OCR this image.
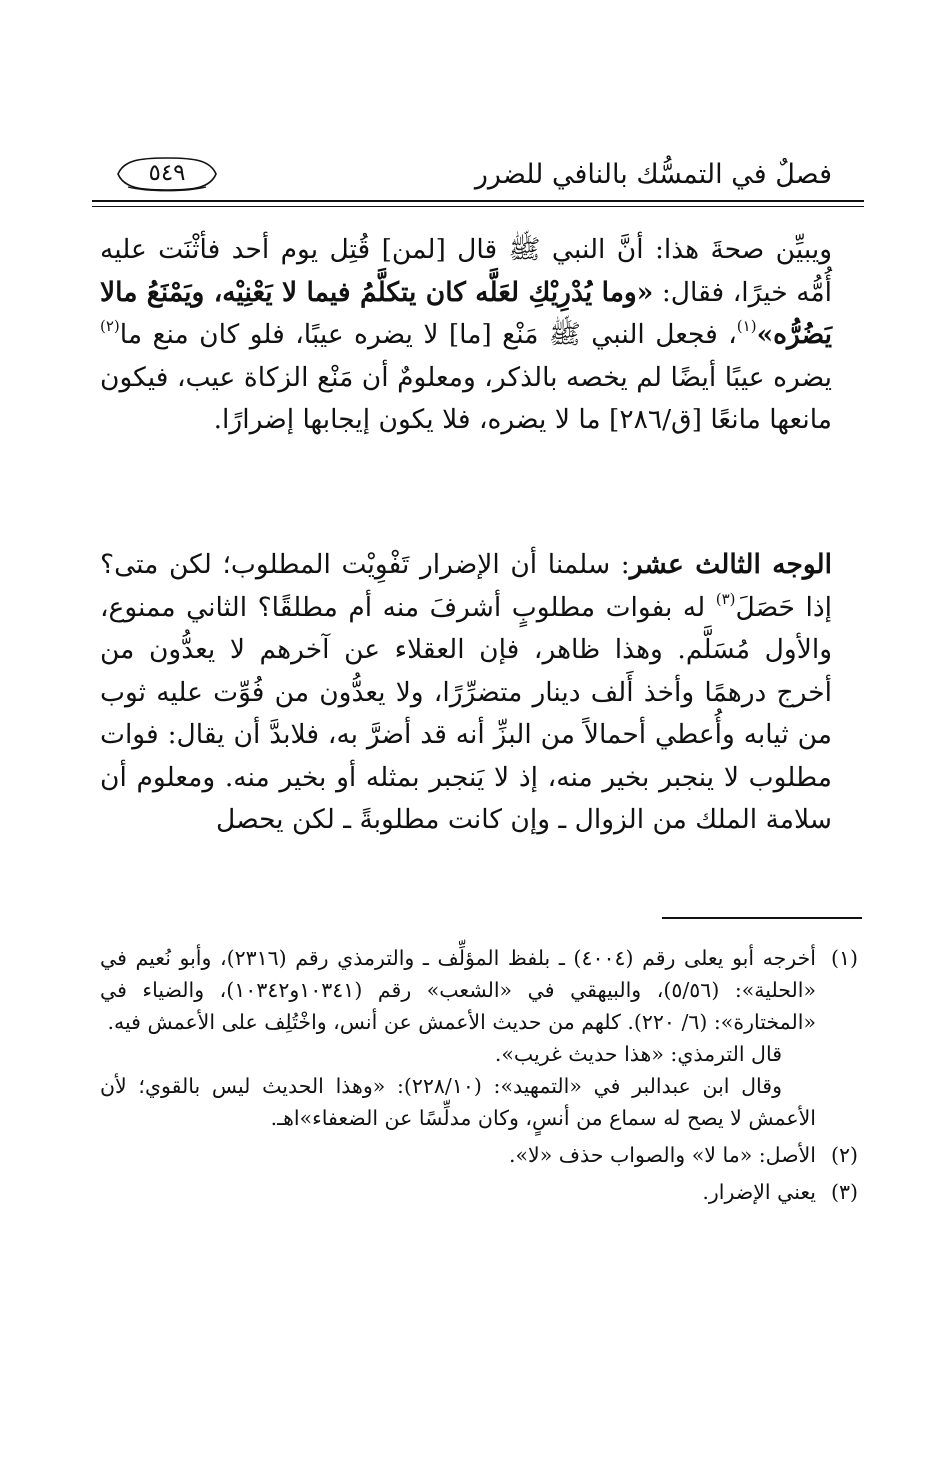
فصلٌ في التمسُّك بالنافي للضرر
٥٤٩

ويبيِّن صحةَ هذا: أنَّ النبي ﷺ قال [لمن] قُتِل يوم أحد فأثْنَت عليه أُمُّه خيرًا، فقال: «وما يُدْرِيْكِ لعَلَّه كان يتكلَّمُ فيما لا يَعْنِيْه، ويَمْنَعُ مالا يَضُرُّه»$^{(١)}$، فجعل النبي ﷺ مَنْع [ما] لا يضره عيبًا، فلو كان منع ما$^{(٢)}$ يضره عيبًا أيضًا لم يخصه بالذكر، ومعلومٌ أن مَنْع الزكاة عيب، فيكون مانعها مانعًا [ق/٢٨٦] ما لا يضره، فلا يكون إيجابها إضرارًا.

الوجه الثالث عشر: سلمنا أن الإضرار تَفْوِيْت المطلوب؛ لكن متى؟ إذا حَصَلَ$^{(٣)}$ له بفوات مطلوبٍ أشرفَ منه أم مطلقًا؟ الثاني ممنوع، والأول مُسَلَّم. وهذا ظاهر، فإن العقلاء عن آخرهم لا يعدُّون من أخرج درهمًا وأخذ أَلف دينار متضرِّرًا، ولا يعدُّون من فُوِّت عليه ثوب من ثيابه وأُعطي أحمالاً من البزِّ أنه قد أضرَّ به، فلابدَّ أن يقال: فوات مطلوب لا ينجبر بخير منه، إذ لا يَنجبر بمثله أو بخير منه. ومعلوم أن سلامة الملك من الزوال ـ وإن كانت مطلوبةً ـ لكن يحصل

(١)

أخرجه أبو يعلى رقم (٤٠٠٤) ـ بلفظ المؤلِّف ـ والترمذي رقم (٢٣١٦)، وأبو نُعيم في «الحلية»: (٥/٥٦)، والبيهقي في «الشعب» رقم (١٠٣٤١و١٠٣٤٢)، والضياء في «المختارة»: (٦/ ٢٢٠). كلهم من حديث الأعمش عن أنس، واخْتُلِف على الأعمش فيه.

قال الترمذي: «هذا حديث غريب».

وقال ابن عبدالبر في «التمهيد»: (٢٢٨/١٠): «وهذا الحديث ليس بالقوي؛ لأن الأعمش لا يصح له سماع من أنسٍ، وكان مدلِّسًا عن الضعفاء»اهـ.

(٢)

الأصل: «ما لا» والصواب حذف «لا».

(٣)

يعني الإضرار.
